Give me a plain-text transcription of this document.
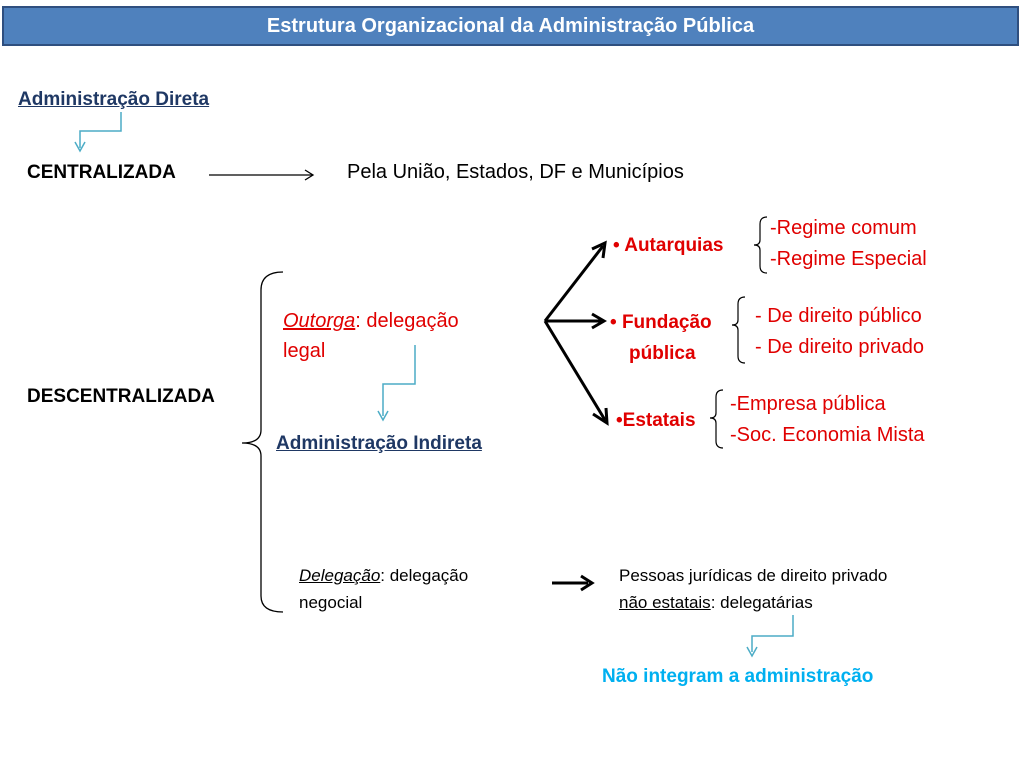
Estrutura Organizacional da Administração Pública
Administração Direta
CENTRALIZADA	Pela União, Estados, DF e Municípios
DESCENTRALIZADA
Outorga: delegação
legal
Administração Indireta
• Autarquias
-Regime comum
-Regime Especial
• Fundação
pública
- De direito público
- De direito privado
•Estatais
-Empresa pública
-Soc. Economia Mista
Delegação: delegação
negocial
Pessoas jurídicas de direito privado
não estatais: delegatárias
Não integram a administração
